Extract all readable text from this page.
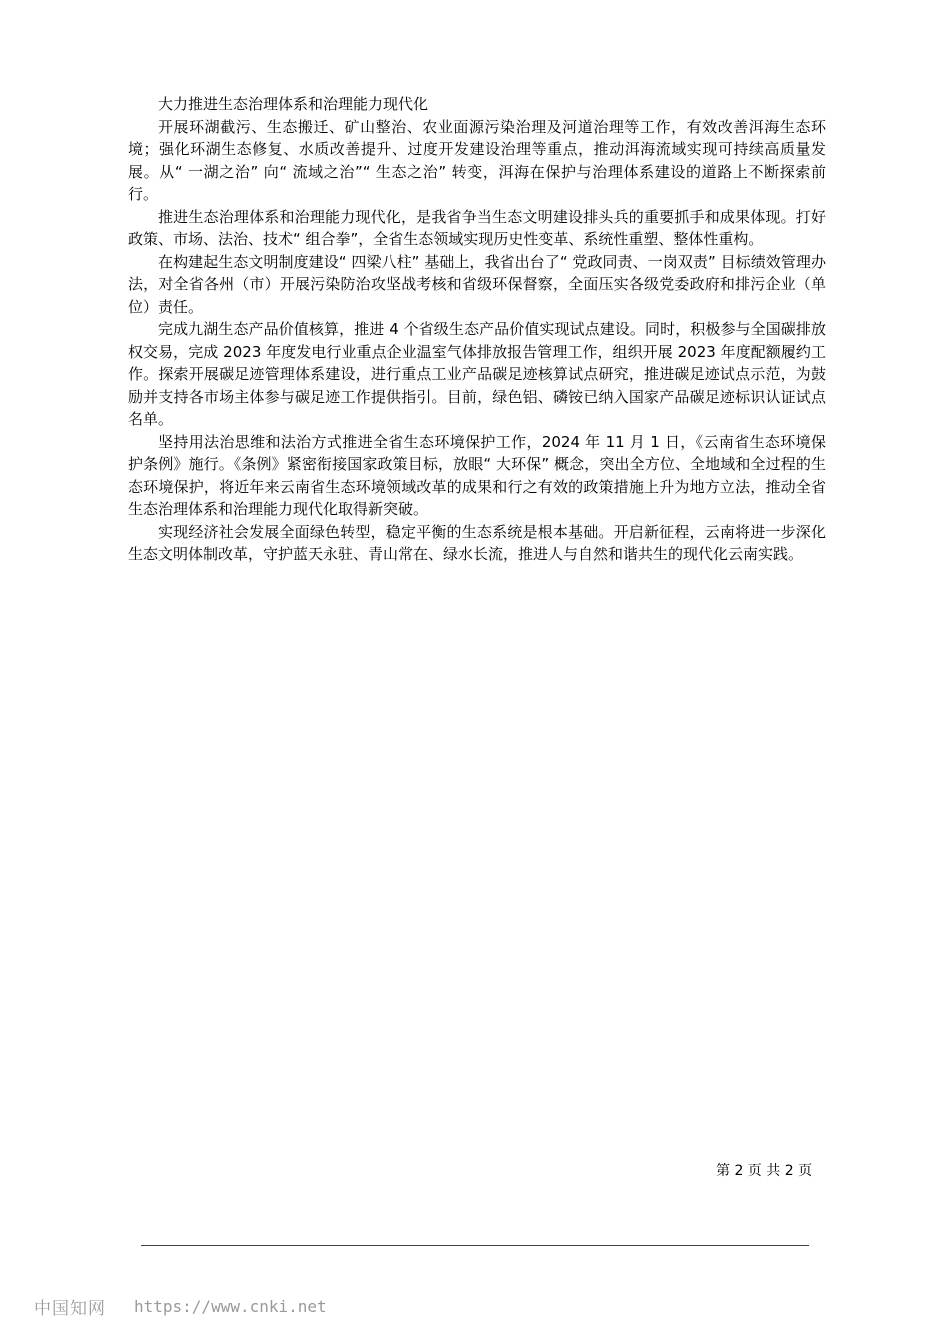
大力推进生态治理体系和治理能力现代化

开展环湖截污、生态搬迁、矿山整治、农业面源污染治理及河道治理等工作，有效改善洱海生态环境；强化环湖生态修复、水质改善提升、过度开发建设治理等重点，推动洱海流域实现可持续高质量发展。从“ 一湖之治” 向“ 流域之治”“ 生态之治” 转变，洱海在保护与治理体系建设的道路上不断探索前行。

推进生态治理体系和治理能力现代化，是我省争当生态文明建设排头兵的重要抓手和成果体现。打好政策、市场、法治、技术“ 组合拳”，全省生态领域实现历史性变革、系统性重塑、整体性重构。

在构建起生态文明制度建设“ 四梁八柱” 基础上，我省出台了“ 党政同责、一岗双责” 目标绩效管理办法，对全省各州（市）开展污染防治攻坚战考核和省级环保督察，全面压实各级党委政府和排污企业（单位）责任。

完成九湖生态产品价值核算，推进 4 个省级生态产品价值实现试点建设。同时，积极参与全国碳排放权交易，完成 2023 年度发电行业重点企业温室气体排放报告管理工作，组织开展 2023 年度配额履约工作。探索开展碳足迹管理体系建设，进行重点工业产品碳足迹核算试点研究，推进碳足迹试点示范，为鼓励并支持各市场主体参与碳足迹工作提供指引。目前，绿色铝、磷铵已纳入国家产品碳足迹标识认证试点名单。

坚持用法治思维和法治方式推进全省生态环境保护工作，2024 年 11 月 1 日，《云南省生态环境保护条例》施行。《条例》紧密衔接国家政策目标，放眼“ 大环保” 概念，突出全方位、全地域和全过程的生态环境保护，将近年来云南省生态环境领域改革的成果和行之有效的政策措施上升为地方立法，推动全省生态治理体系和治理能力现代化取得新突破。

实现经济社会发展全面绿色转型，稳定平衡的生态系统是根本基础。开启新征程，云南将进一步深化生态文明体制改革，守护蓝天永驻、青山常在、绿水长流，推进人与自然和谐共生的现代化云南实践。

第 2 页 共 2 页
中国知网 https://www.cnki.net
